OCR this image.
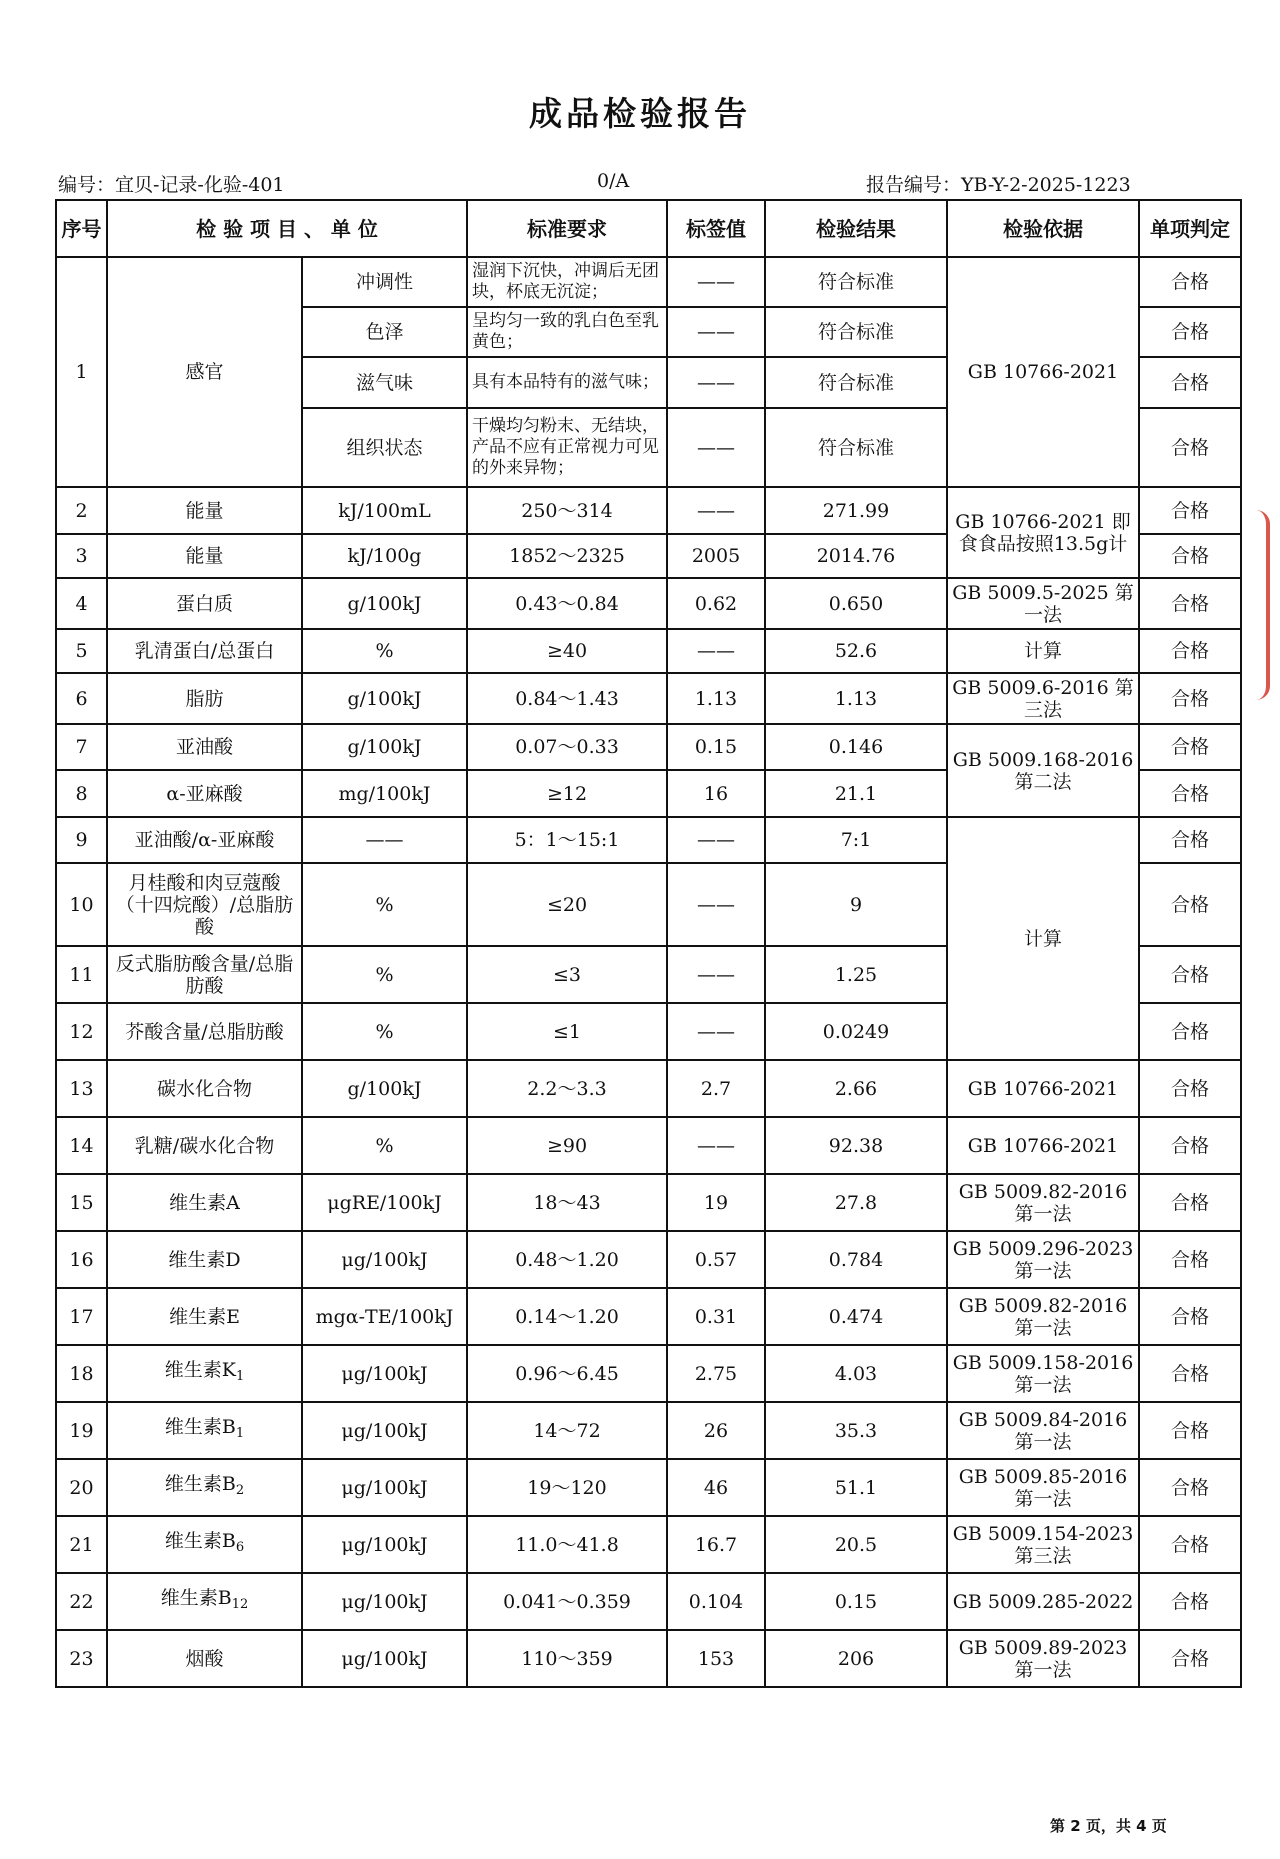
成品检验报告
编号：宜贝-记录-化验-401	0/A	报告编号：YB-Y-2-2025-1223
序号	检 验 项 目 、 单 位		标准要求	标签值	检验结果	检验依据	单项判定
1	感官	冲调性	湿润下沉快，冲调后无团块，杯底无沉淀；	——	符合标准	GB 10766-2021	合格
		色泽	呈均匀一致的乳白色至乳黄色；	——	符合标准		合格
		滋气味	具有本品特有的滋气味；	——	符合标准		合格
		组织状态	干燥均匀粉末、无结块，产品不应有正常视力可见的外来异物；	——	符合标准		合格
2	能量	kJ/100mL	250～314	——	271.99	GB 10766-2021 即食食品按照13.5g计	合格
3	能量	kJ/100g	1852～2325	2005	2014.76		合格
4	蛋白质	g/100kJ	0.43～0.84	0.62	0.650	GB 5009.5-2025 第一法	合格
5	乳清蛋白/总蛋白	%	≥40	——	52.6	计算	合格
6	脂肪	g/100kJ	0.84～1.43	1.13	1.13	GB 5009.6-2016 第三法	合格
7	亚油酸	g/100kJ	0.07～0.33	0.15	0.146	GB 5009.168-2016 第二法	合格
8	α-亚麻酸	mg/100kJ	≥12	16	21.1		合格
9	亚油酸/α-亚麻酸	——	5：1～15:1	——	7:1	计算	合格
10	月桂酸和肉豆蔻酸（十四烷酸）/总脂肪酸	%	≤20	——	9		合格
11	反式脂肪酸含量/总脂肪酸	%	≤3	——	1.25		合格
12	芥酸含量/总脂肪酸	%	≤1	——	0.0249		合格
13	碳水化合物	g/100kJ	2.2～3.3	2.7	2.66	GB 10766-2021	合格
14	乳糖/碳水化合物	%	≥90	——	92.38	GB 10766-2021	合格
15	维生素A	μgRE/100kJ	18～43	19	27.8	GB 5009.82-2016 第一法	合格
16	维生素D	μg/100kJ	0.48～1.20	0.57	0.784	GB 5009.296-2023 第一法	合格
17	维生素E	mgα-TE/100kJ	0.14～1.20	0.31	0.474	GB 5009.82-2016 第一法	合格
18	维生素$K_1$	μg/100kJ	0.96～6.45	2.75	4.03	GB 5009.158-2016 第一法	合格
19	维生素$B_1$	μg/100kJ	14～72	26	35.3	GB 5009.84-2016 第一法	合格
20	维生素$B_2$	μg/100kJ	19～120	46	51.1	GB 5009.85-2016 第一法	合格
21	维生素$B_6$	μg/100kJ	11.0～41.8	16.7	20.5	GB 5009.154-2023 第三法	合格
22	维生素$B_{12}$	μg/100kJ	0.041～0.359	0.104	0.15	GB 5009.285-2022	合格
23	烟酸	μg/100kJ	110～359	153	206	GB 5009.89-2023 第一法	合格
第 2 页，共 4 页
